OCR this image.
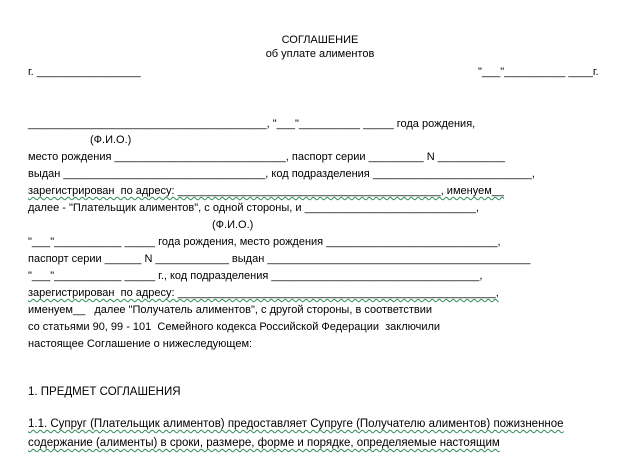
СОГЛАШЕНИЕ
об уплате алиментов
г. _________________	"___"__________ ____г.
_______________________________________, "___"__________ _____ года рождения,
(Ф.И.О.)
место рождения ____________________________, паспорт серии _________ N ___________
выдан _________________________________, код подразделения __________________________,
зарегистрирован  по адресу: ___________________________________________, именуем__
далее - "Плательщик алиментов", с одной стороны, и ____________________________,
(Ф.И.О.)
"___"___________ _____ года рождения, место рождения ____________________________,
паспорт серии ______ N ____________ выдан ___________________________________________
"___"___________ _____ г., код подразделения __________________________________,
зарегистрирован  по адресу: ____________________________________________________,
именуем__   далее "Получатель алиментов", с другой стороны, в соответствии
со статьями 90, 99 - 101  Семейного кодекса Российской Федерации  заключили
настоящее Соглашение о нижеследующем:
1. ПРЕДМЕТ СОГЛАШЕНИЯ
1.1. Супруг (Плательщик алиментов) предоставляет Супруге (Получателю алиментов) пожизненное
содержание (алименты) в сроки, размере, форме и порядке, определяемые настоящим
